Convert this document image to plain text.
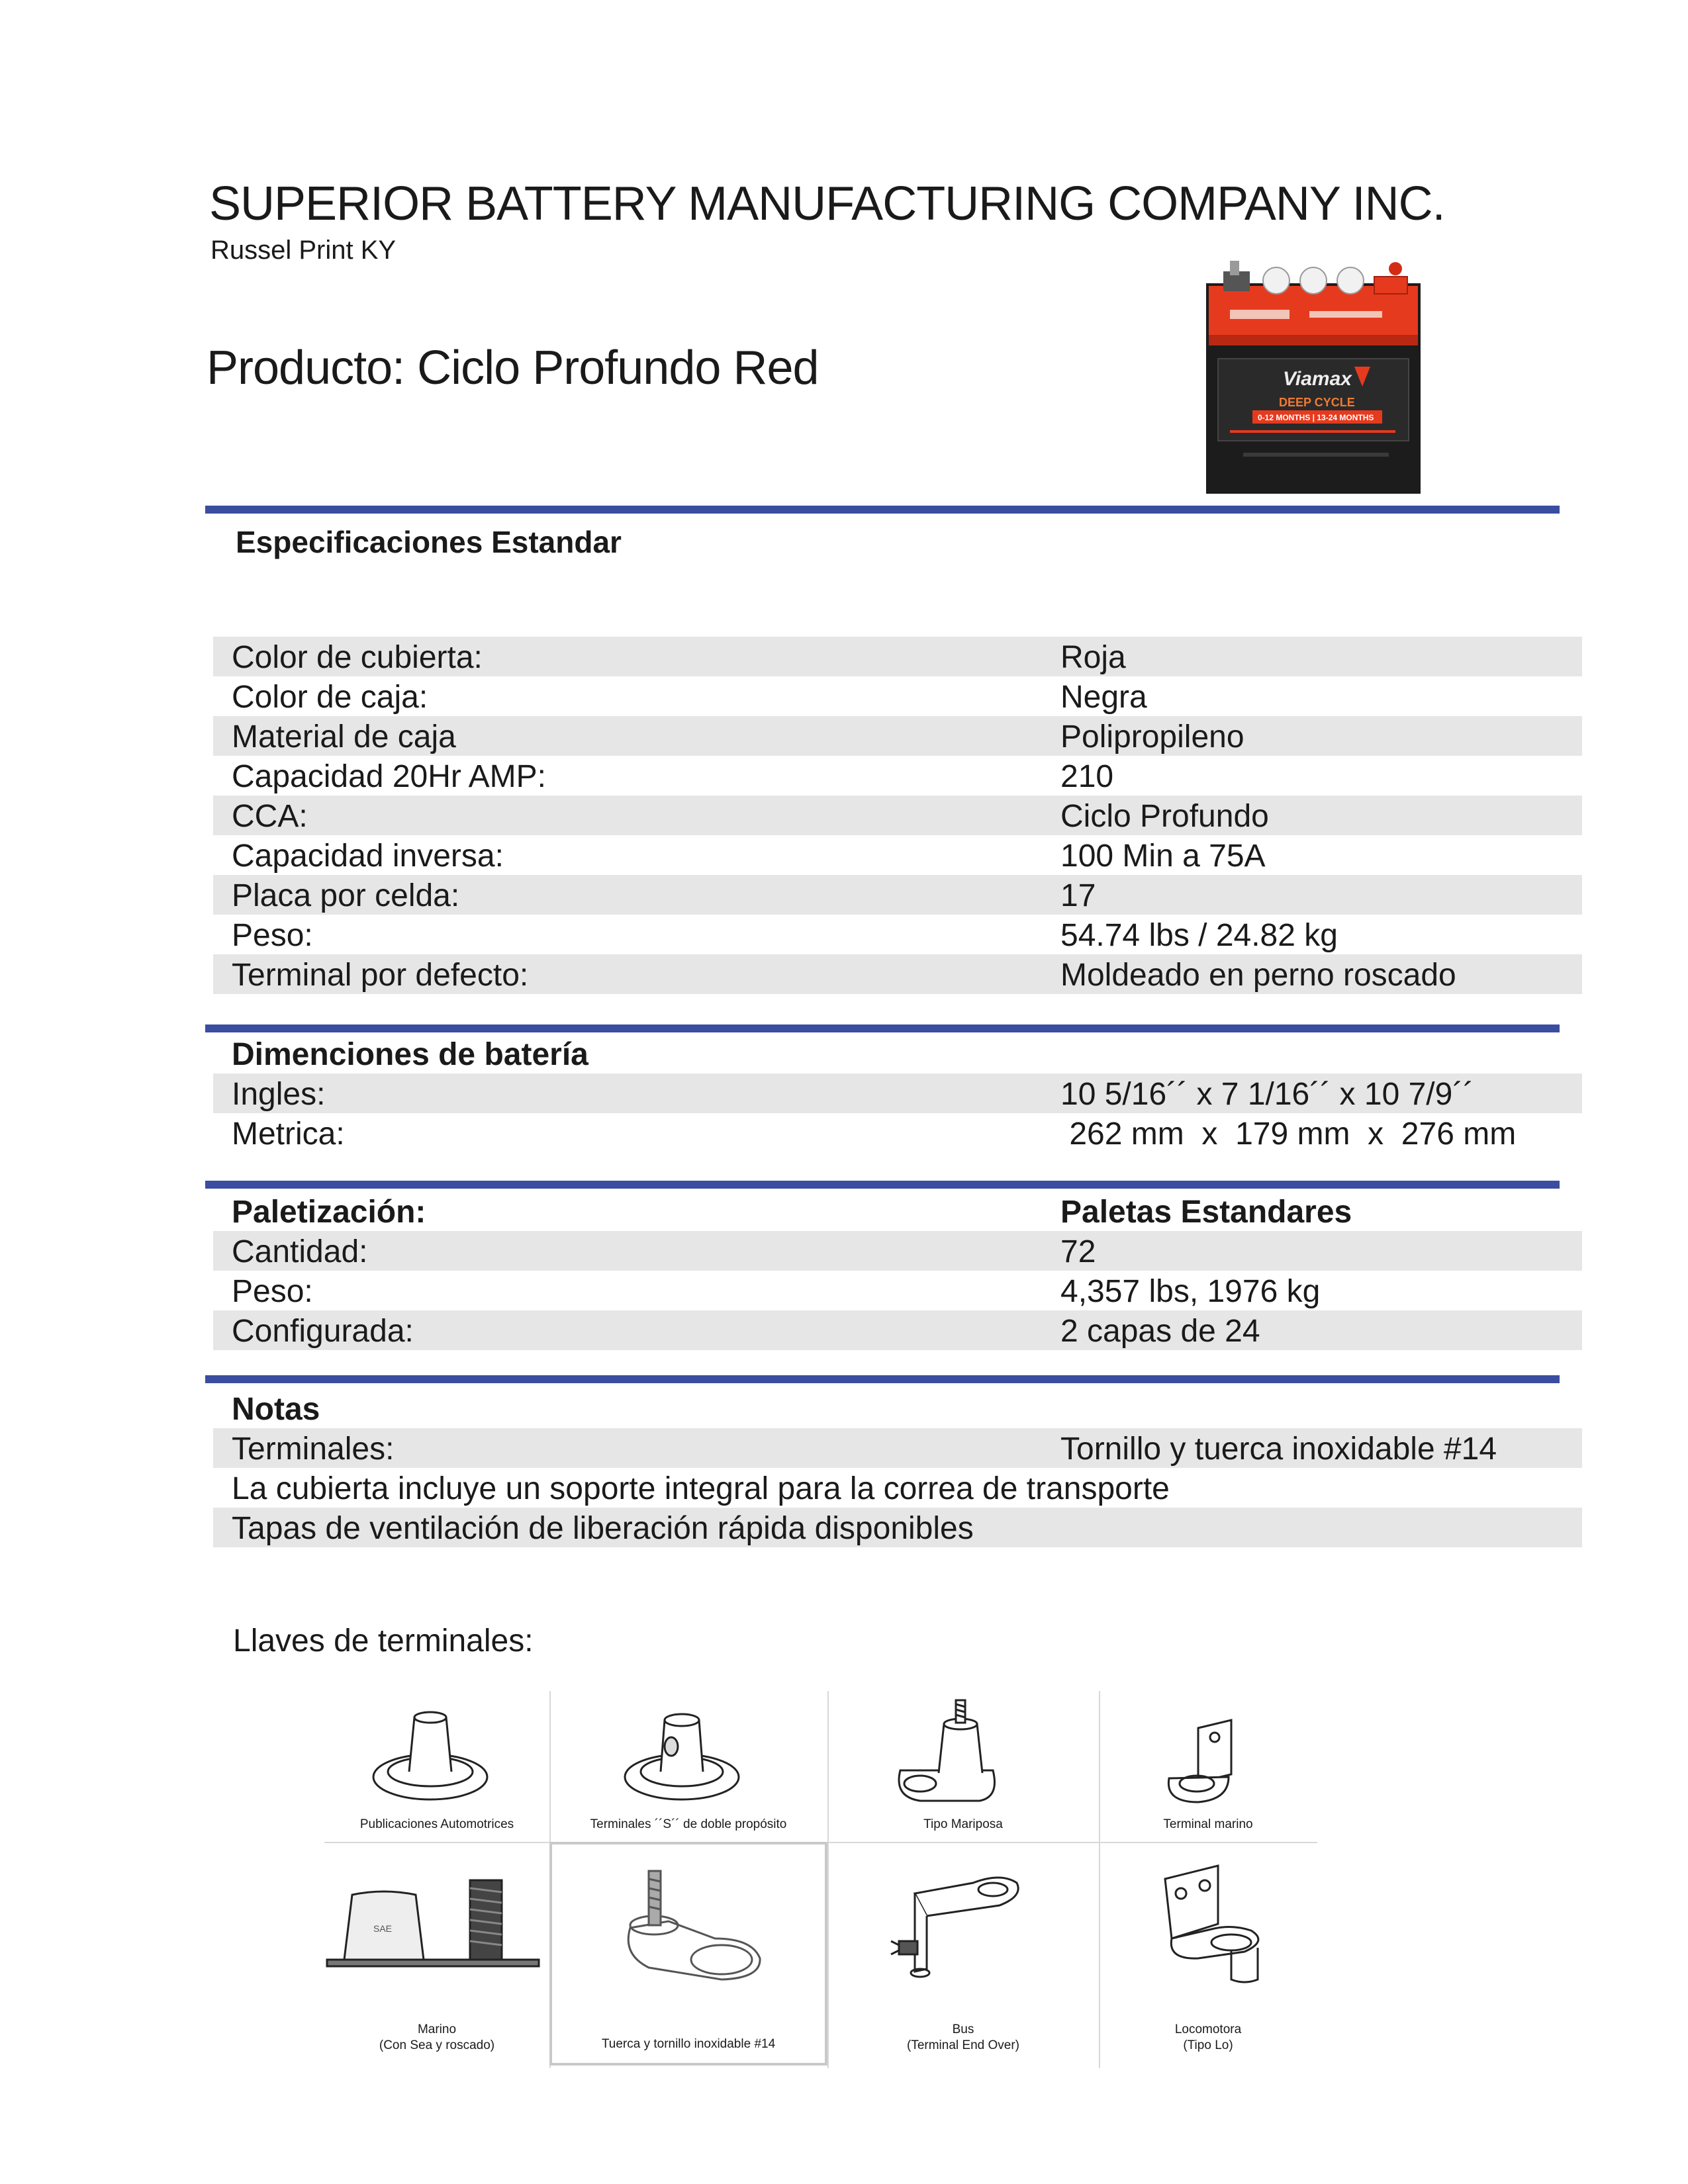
SUPERIOR BATTERY MANUFACTURING COMPANY INC.
Russel Print KY
Producto: Ciclo Profundo Red	Viamax
DEEP CYCLE
0-12 MONTHS | 13-24 MONTHS
Especificaciones Estandar
Color de cubierta:	Roja
Color de caja:	Negra
Material de caja	Polipropileno
Capacidad 20Hr AMP:	210
CCA:	Ciclo Profundo
Capacidad inversa:	100 Min a 75A
Placa por celda:	17
Peso:	54.74 lbs / 24.82 kg
Terminal por defecto:	Moldeado en perno roscado
Dimenciones de batería
Ingles:	10 5/16´´ x 7 1/16´´ x 10 7/9´´
Metrica:	262 mm  x  179 mm  x  276 mm
Paletización:	Paletas Estandares
Cantidad:	72
Peso:	4,357 lbs, 1976 kg
Configurada:	2 capas de 24
Notas
Terminales:	Tornillo y tuerca inoxidable #14
La cubierta incluye un soporte integral para la correa de transporte
Tapas de ventilación de liberación rápida disponibles
Llaves de terminales:
Publicaciones Automotrices	Terminales ´´S´´ de doble propósito	Tipo Mariposa	Terminal marino
SAE
Marino
(Con Sea y roscado)	Tuerca y tornillo inoxidable #14
Bus
(Terminal End Over)
Locomotora
(Tipo Lo)
